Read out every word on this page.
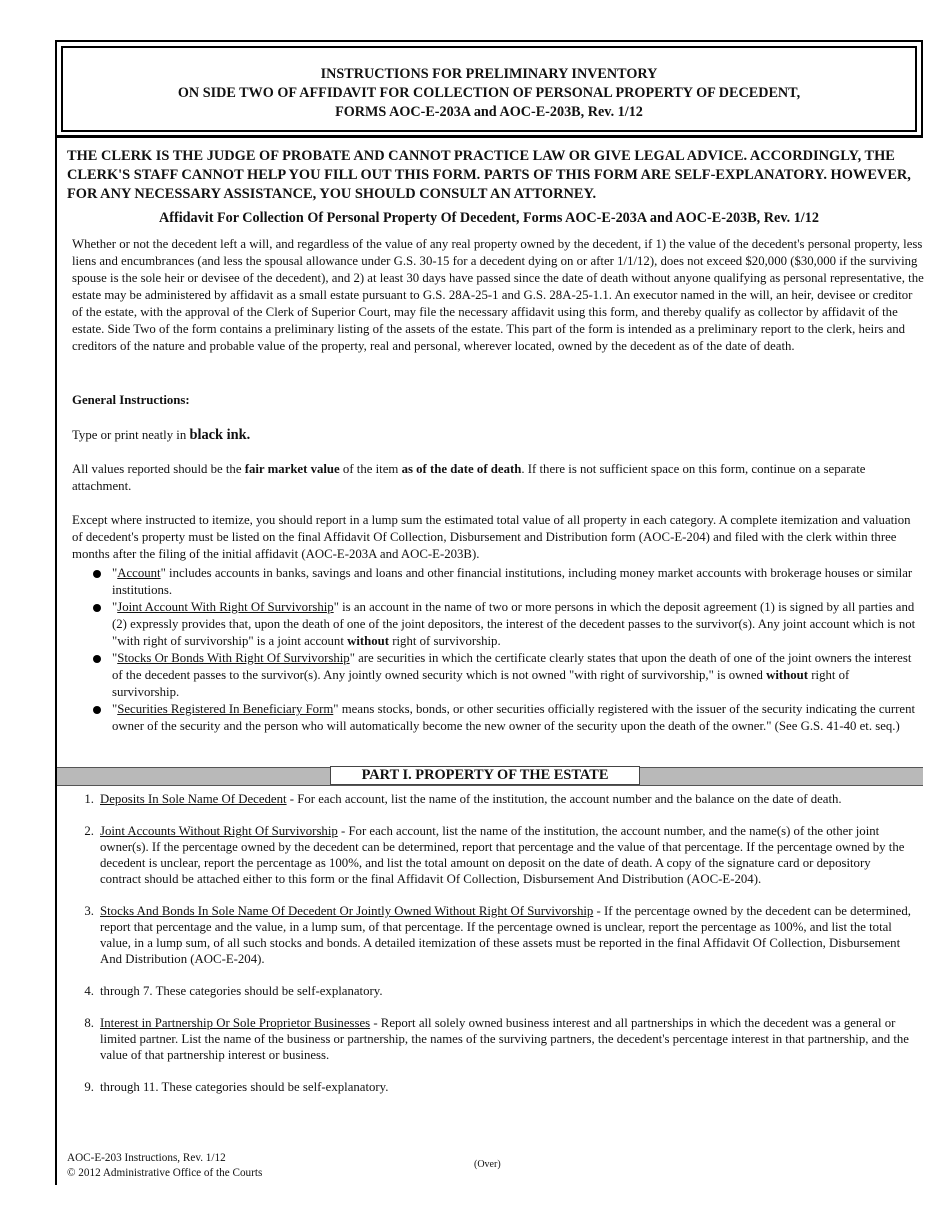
INSTRUCTIONS FOR PRELIMINARY INVENTORY
ON SIDE TWO OF AFFIDAVIT FOR COLLECTION OF PERSONAL PROPERTY OF DECEDENT,
FORMS AOC-E-203A and AOC-E-203B, Rev. 1/12
THE CLERK IS THE JUDGE OF PROBATE AND CANNOT PRACTICE LAW OR GIVE LEGAL ADVICE. ACCORDINGLY, THE CLERK'S STAFF CANNOT HELP YOU FILL OUT THIS FORM. PARTS OF THIS FORM ARE SELF-EXPLANATORY. HOWEVER, FOR ANY NECESSARY ASSISTANCE, YOU SHOULD CONSULT AN ATTORNEY.
Affidavit For Collection Of Personal Property Of Decedent, Forms AOC-E-203A and AOC-E-203B, Rev. 1/12
Whether or not the decedent left a will, and regardless of the value of any real property owned by the decedent, if 1) the value of the decedent's personal property, less liens and encumbrances (and less the spousal allowance under G.S. 30-15 for a decedent dying on or after 1/1/12), does not exceed $20,000 ($30,000 if the surviving spouse is the sole heir or devisee of the decedent), and 2) at least 30 days have passed since the date of death without anyone qualifying as personal representative, the estate may be administered by affidavit as a small estate pursuant to G.S. 28A-25-1 and G.S. 28A-25-1.1. An executor named in the will, an heir, devisee or creditor of the estate, with the approval of the Clerk of Superior Court, may file the necessary affidavit using this form, and thereby qualify as collector by affidavit of the estate. Side Two of the form contains a preliminary listing of the assets of the estate. This part of the form is intended as a preliminary report to the clerk, heirs and creditors of the nature and probable value of the property, real and personal, wherever located, owned by the decedent as of the date of death.
General Instructions:
Type or print neatly in black ink.
All values reported should be the fair market value of the item as of the date of death. If there is not sufficient space on this form, continue on a separate attachment.
Except where instructed to itemize, you should report in a lump sum the estimated total value of all property in each category. A complete itemization and valuation of decedent's property must be listed on the final Affidavit Of Collection, Disbursement and Distribution form (AOC-E-204) and filed with the clerk within three months after the filing of the initial affidavit (AOC-E-203A and AOC-E-203B).
"Account" includes accounts in banks, savings and loans and other financial institutions, including money market accounts with brokerage houses or similar institutions.
"Joint Account With Right Of Survivorship" is an account in the name of two or more persons in which the deposit agreement (1) is signed by all parties and (2) expressly provides that, upon the death of one of the joint depositors, the interest of the decedent passes to the survivor(s). Any joint account which is not "with right of survivorship" is a joint account without right of survivorship.
"Stocks Or Bonds With Right Of Survivorship" are securities in which the certificate clearly states that upon the death of one of the joint owners the interest of the decedent passes to the survivor(s). Any jointly owned security which is not owned "with right of survivorship," is owned without right of survivorship.
"Securities Registered In Beneficiary Form" means stocks, bonds, or other securities officially registered with the issuer of the security indicating the current owner of the security and the person who will automatically become the new owner of the security upon the death of the owner." (See G.S. 41-40 et. seq.)
PART I. PROPERTY OF THE ESTATE
1. Deposits In Sole Name Of Decedent - For each account, list the name of the institution, the account number and the balance on the date of death.
2. Joint Accounts Without Right Of Survivorship - For each account, list the name of the institution, the account number, and the name(s) of the other joint owner(s). If the percentage owned by the decedent can be determined, report that percentage and the value of that percentage. If the percentage owned by the decedent is unclear, report the percentage as 100%, and list the total amount on deposit on the date of death. A copy of the signature card or depository contract should be attached either to this form or the final Affidavit Of Collection, Disbursement And Distribution (AOC-E-204).
3. Stocks And Bonds In Sole Name Of Decedent Or Jointly Owned Without Right Of Survivorship - If the percentage owned by the decedent can be determined, report that percentage and the value, in a lump sum, of that percentage. If the percentage owned is unclear, report the percentage as 100%, and list the total value, in a lump sum, of all such stocks and bonds. A detailed itemization of these assets must be reported in the final Affidavit Of Collection, Disbursement And Distribution (AOC-E-204).
4. through 7. These categories should be self-explanatory.
8. Interest in Partnership Or Sole Proprietor Businesses - Report all solely owned business interest and all partnerships in which the decedent was a general or limited partner. List the name of the business or partnership, the names of the surviving partners, the decedent's percentage interest in that partnership, and the value of that partnership interest or business.
9. through 11. These categories should be self-explanatory.
AOC-E-203 Instructions, Rev. 1/12
© 2012 Administrative Office of the Courts
(Over)
